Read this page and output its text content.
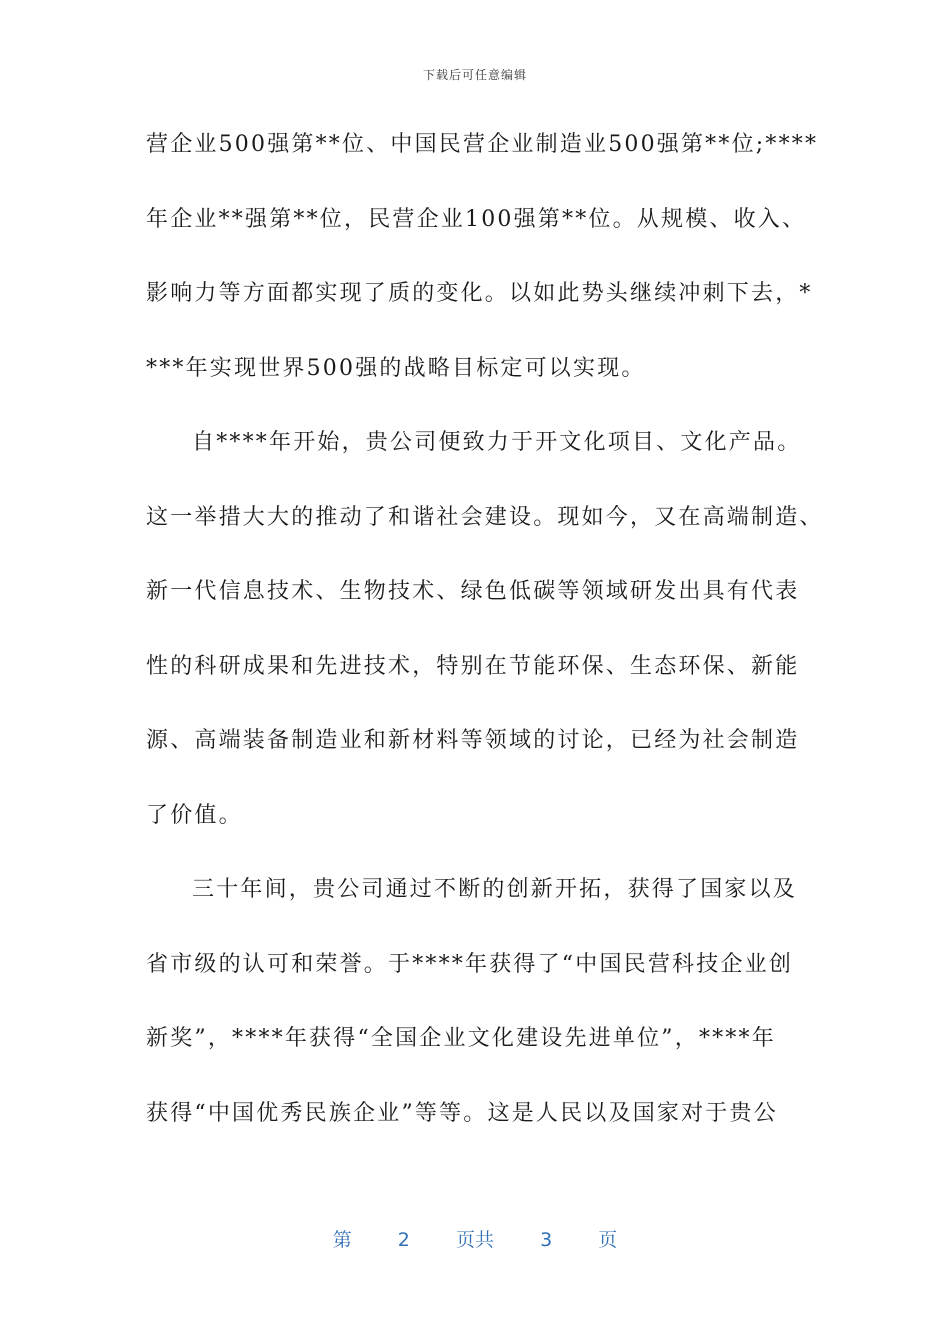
下载后可任意编辑
营企业500强第**位、中国民营企业制造业500强第**位;****
年企业**强第**位，民营企业100强第**位。从规模、收入、
影响力等方面都实现了质的变化。以如此势头继续冲刺下去，*
***年实现世界500强的战略目标定可以实现。
自****年开始，贵公司便致力于开文化项目、文化产品。
这一举措大大的推动了和谐社会建设。现如今，又在高端制造、
新一代信息技术、生物技术、绿色低碳等领域研发出具有代表
性的科研成果和先进技术，特别在节能环保、生态环保、新能
源、高端装备制造业和新材料等领域的讨论，已经为社会制造
了价值。
三十年间，贵公司通过不断的创新开拓，获得了国家以及
省市级的认可和荣誉。于****年获得了“中国民营科技企业创
新奖”，****年获得“全国企业文化建设先进单位”，****年
获得“中国优秀民族企业”等等。这是人民以及国家对于贵公
第 2 页共 3 页
